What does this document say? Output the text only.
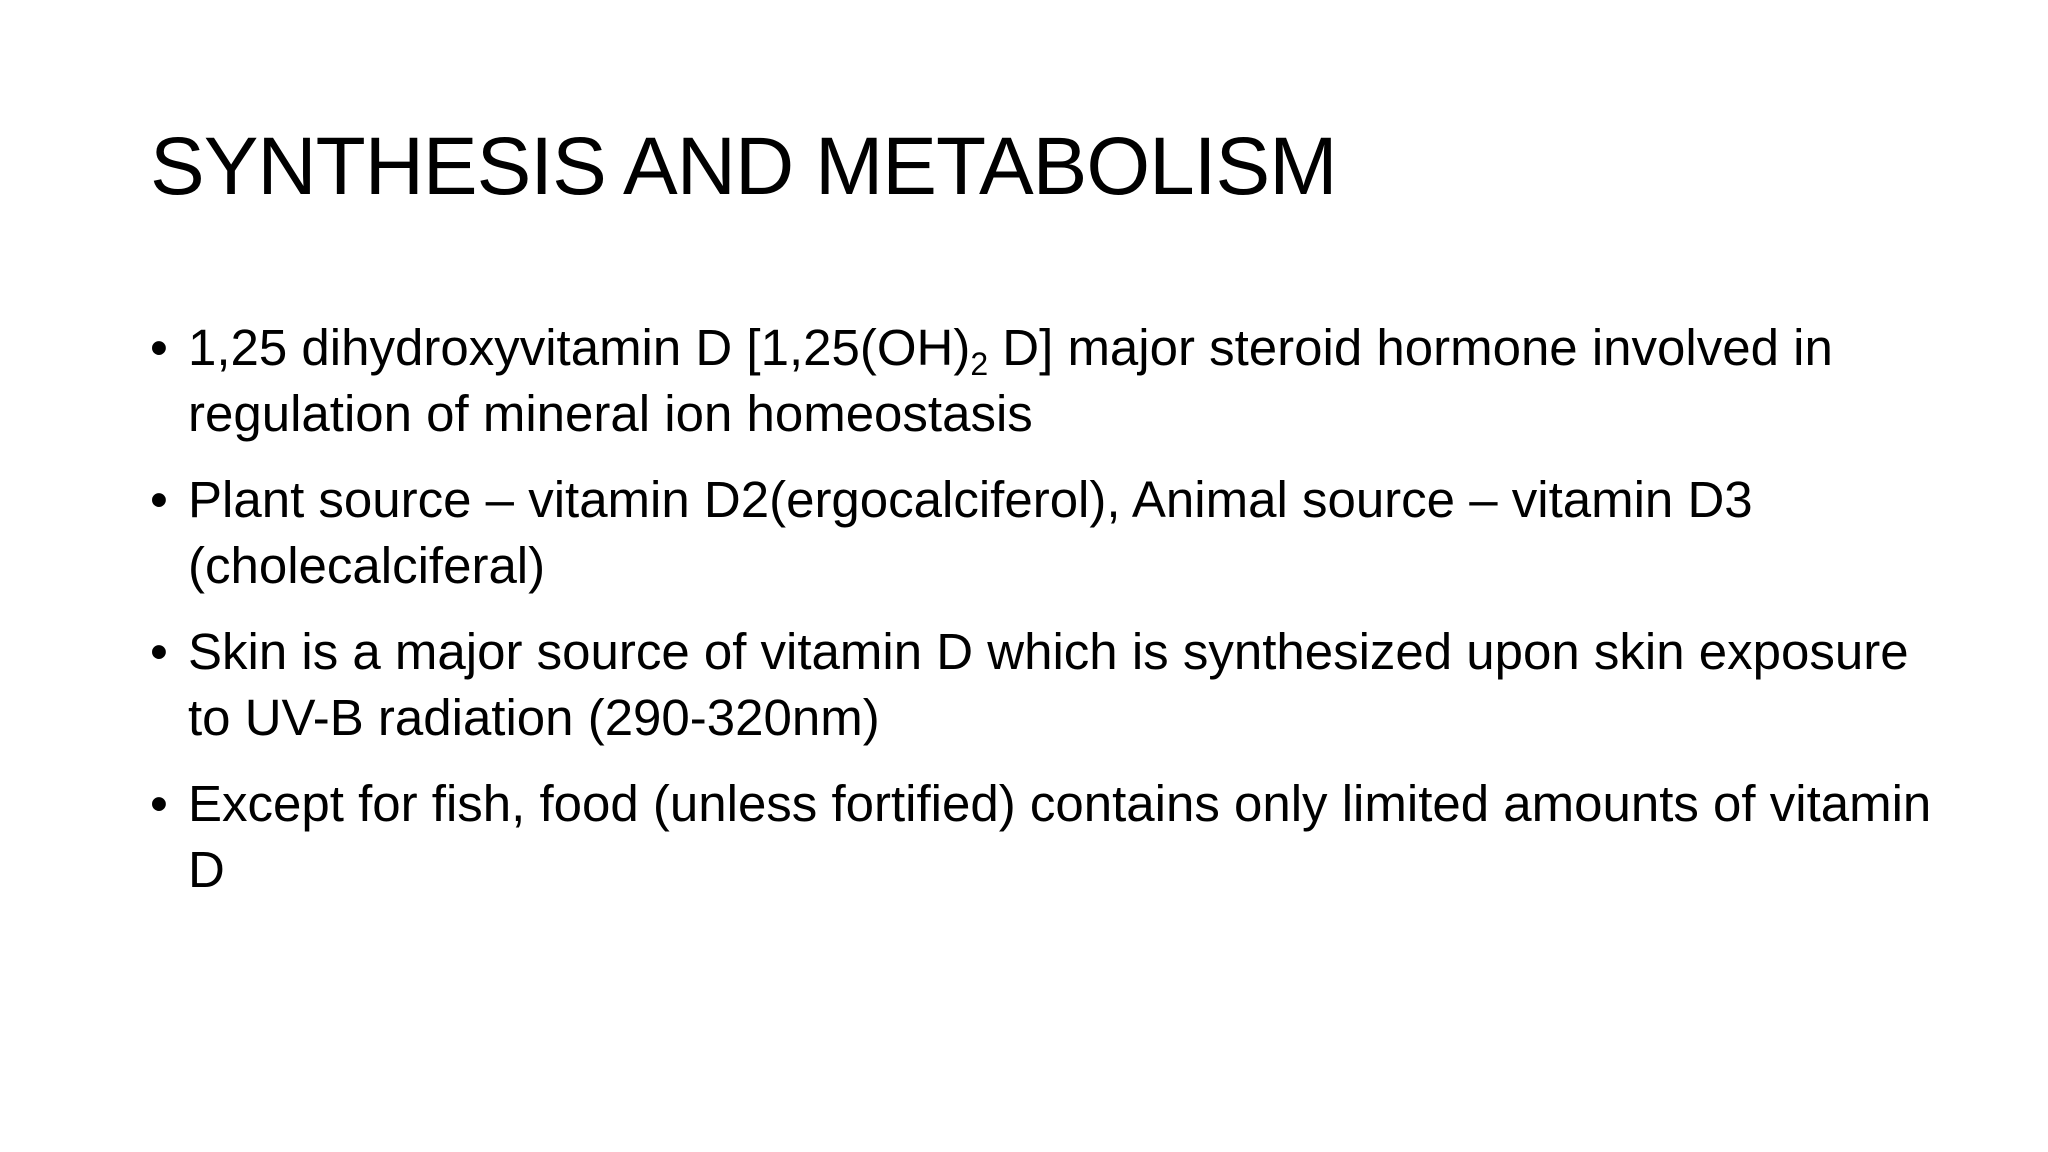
SYNTHESIS AND METABOLISM
• 1,25 dihydroxyvitamin D [$1,25(OH)_2$ D] major steroid hormone involved in regulation of mineral ion homeostasis
• Plant source – vitamin D2(ergocalciferol), Animal source – vitamin D3 (cholecalciferal)
• Skin is a major source of vitamin D which is synthesized upon skin exposure to UV-B radiation (290-320nm)
• Except for fish, food (unless fortified) contains only limited amounts of vitamin D
